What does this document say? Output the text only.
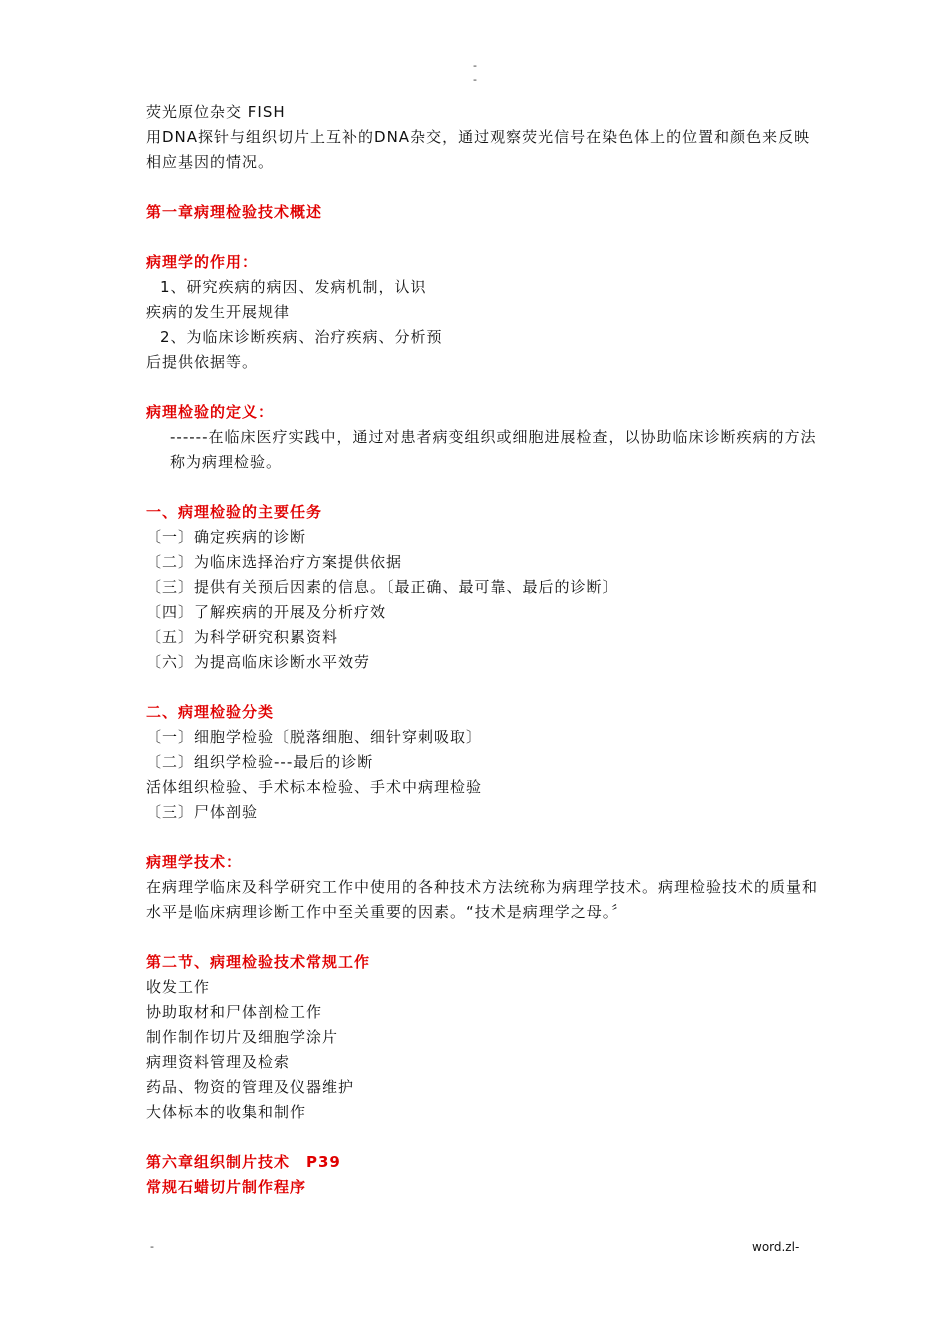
-
-
荧光原位杂交 FISH
用DNA探针与组织切片上互补的DNA杂交，通过观察荧光信号在染色体上的位置和颜色来反映相应基因的情况。
第一章病理检验技术概述
病理学的作用：
1、研究疾病的病因、发病机制，认识
疾病的发生开展规律
2、为临床诊断疾病、治疗疾病、分析预
后提供依据等。
病理检验的定义：
------在临床医疗实践中，通过对患者病变组织或细胞进展检查，以协助临床诊断疾病的方法称为病理检验。
一、病理检验的主要任务
〔一〕确定疾病的诊断
〔二〕为临床选择治疗方案提供依据
〔三〕提供有关预后因素的信息。〔最正确、最可靠、最后的诊断〕
〔四〕了解疾病的开展及分析疗效
〔五〕为科学研究积累资料
〔六〕为提高临床诊断水平效劳
二、病理检验分类
〔一〕细胞学检验〔脱落细胞、细针穿刺吸取〕
〔二〕组织学检验---最后的诊断
活体组织检验、手术标本检验、手术中病理检验
〔三〕尸体剖验
病理学技术：
在病理学临床及科学研究工作中使用的各种技术方法统称为病理学技术。病理检验技术的质量和水平是临床病理诊断工作中至关重要的因素。“技术是病理学之母。〞
第二节、病理检验技术常规工作
收发工作
协助取材和尸体剖检工作
制作制作切片及细胞学涂片
病理资料管理及检索
药品、物资的管理及仪器维护
大体标本的收集和制作
第六章组织制片技术　P39
常规石蜡切片制作程序
-	word.zl-
